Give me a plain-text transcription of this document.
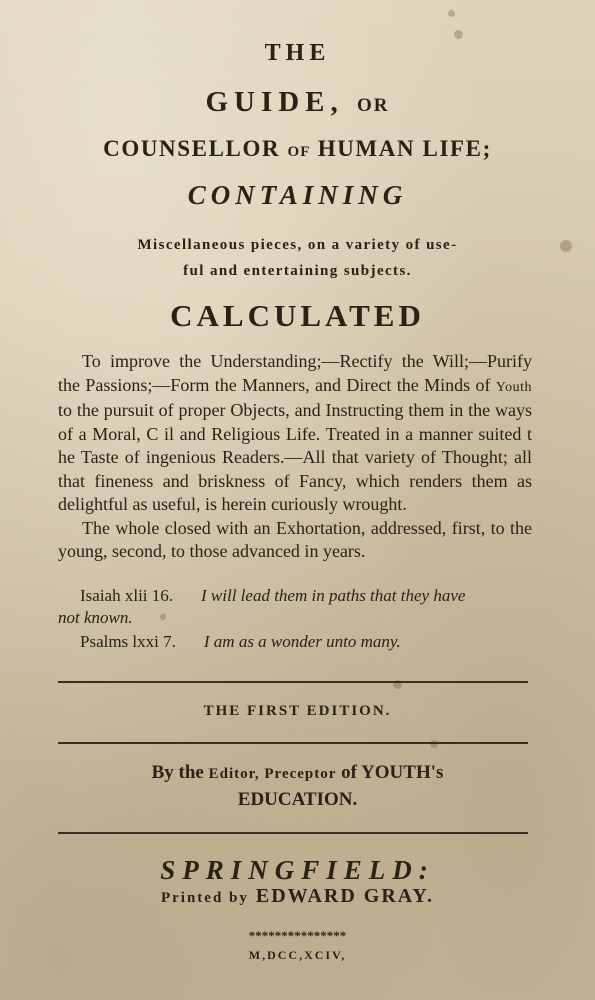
THE
GUIDE, OR
COUNSELLOR OF HUMAN LIFE;
CONTAINING
Miscellaneous pieces, on a variety of use-
ful and entertaining subjects.
CALCULATED

To improve the Understanding;—Rectify the Will;—Purify the Passions;—Form the Manners, and Direct the Minds of Youth to the pursuit of proper Objects, and Instructing them in the ways of a Moral, C il and Religious Life. Treated in a manner suited t he Taste of ingenious Readers.—All that variety of Thought; all that fineness and briskness of Fancy, which renders them as delightful as useful, is herein curiously wrought.

The whole closed with an Exhortation, addressed, first, to the young, second, to those advanced in years.

Isaiah xlii 16. I will lead them in paths that they have
not known.
Psalms lxxi 7. I am as a wonder unto many.
THE FIRST EDITION.
By the Editor, Preceptor of YOUTH's
EDUCATION.
SPRINGFIELD:
Printed by EDWARD GRAY.
***************
M,DCC,XCIV,
